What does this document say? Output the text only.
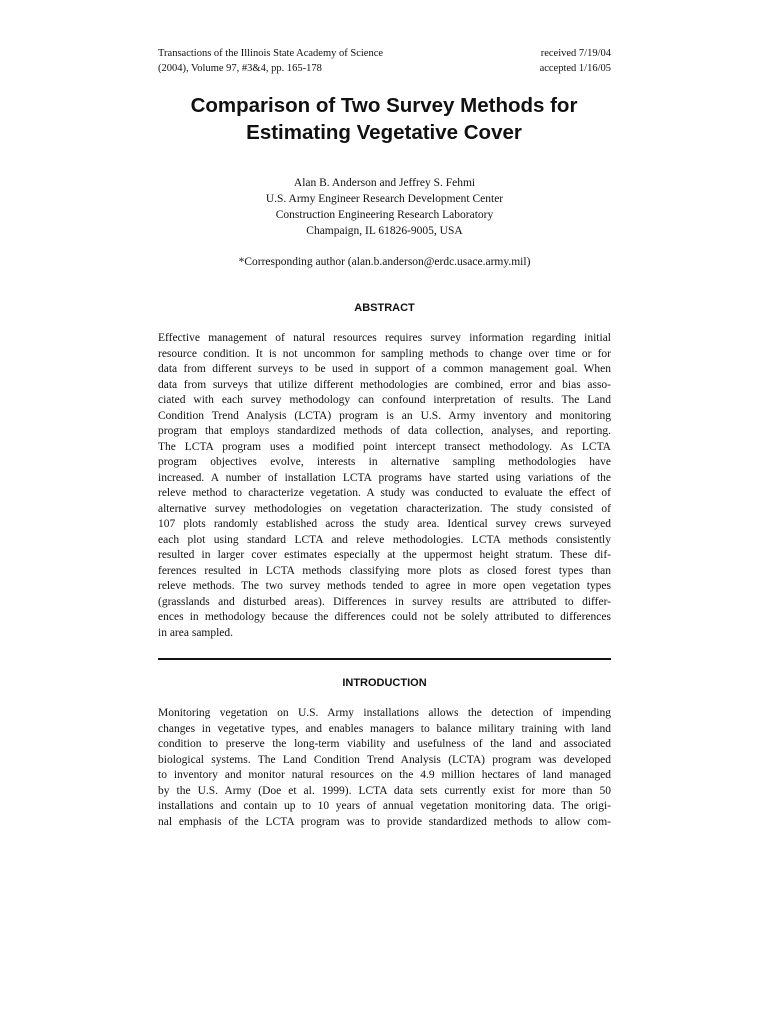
Transactions of the Illinois State Academy of Science	received 7/19/04
(2004), Volume 97, #3&4, pp. 165-178	accepted 1/16/05
Comparison of Two Survey Methods for
Estimating Vegetative Cover
Alan B. Anderson and Jeffrey S. Fehmi
U.S. Army Engineer Research Development Center
Construction Engineering Research Laboratory
Champaign, IL 61826-9005, USA
*Corresponding author (alan.b.anderson@erdc.usace.army.mil)
ABSTRACT
Effective management of natural resources requires survey information regarding initial
resource condition. It is not uncommon for sampling methods to change over time or for
data from different surveys to be used in support of a common management goal. When
data from surveys that utilize different methodologies are combined, error and bias asso-
ciated with each survey methodology can confound interpretation of results. The Land
Condition Trend Analysis (LCTA) program is an U.S. Army inventory and monitoring
program that employs standardized methods of data collection, analyses, and reporting.
The LCTA program uses a modified point intercept transect methodology. As LCTA
program objectives evolve, interests in alternative sampling methodologies have
increased. A number of installation LCTA programs have started using variations of the
releve method to characterize vegetation. A study was conducted to evaluate the effect of
alternative survey methodologies on vegetation characterization. The study consisted of
107 plots randomly established across the study area. Identical survey crews surveyed
each plot using standard LCTA and releve methodologies. LCTA methods consistently
resulted in larger cover estimates especially at the uppermost height stratum. These dif-
ferences resulted in LCTA methods classifying more plots as closed forest types than
releve methods. The two survey methods tended to agree in more open vegetation types
(grasslands and disturbed areas). Differences in survey results are attributed to differ-
ences in methodology because the differences could not be solely attributed to differences
in area sampled.
INTRODUCTION
Monitoring vegetation on U.S. Army installations allows the detection of impending
changes in vegetative types, and enables managers to balance military training with land
condition to preserve the long-term viability and usefulness of the land and associated
biological systems. The Land Condition Trend Analysis (LCTA) program was developed
to inventory and monitor natural resources on the 4.9 million hectares of land managed
by the U.S. Army (Doe et al. 1999). LCTA data sets currently exist for more than 50
installations and contain up to 10 years of annual vegetation monitoring data. The origi-
nal emphasis of the LCTA program was to provide standardized methods to allow com-
